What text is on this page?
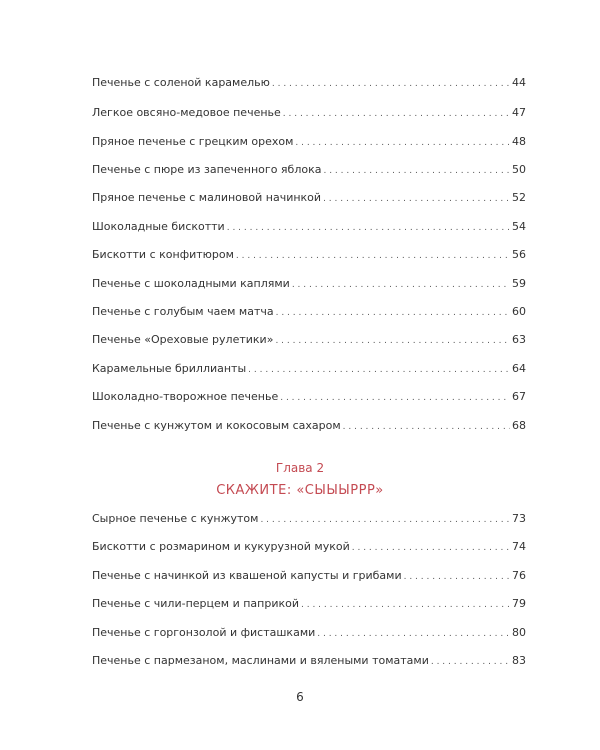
Печенье с соленой карамелью . . .	44
Легкое овсяно-медовое печенье . . .	47
Пряное печенье с грецким орехом . . .	48
Печенье с пюре из запеченного яблока . . .	50
Пряное печенье с малиновой начинкой . . .	52
Шоколадные бискотти . . .	54
Бискотти с конфитюром . . .	56
Печенье с шоколадными каплями . . .	59
Печенье с голубым чаем матча . . .	60
Печенье «Ореховые рулетики» . . .	63
Карамельные бриллианты . . .	64
Шоколадно-творожное печенье . . .	67
Печенье с кунжутом и кокосовым сахаром . . .	68
Сырное печенье с кунжутом . . .	73
Бискотти с розмарином и кукурузной мукой . . .	74
Печенье с начинкой из квашеной капусты и грибами . . .	76
Печенье с чили-перцем и паприкой . . .	79
Печенье с горгонзолой и фисташками . . .	80
Печенье с пармезаном, маслинами и вялеными томатами . . .	83
Глава 2
СКАЖИТЕ: «СЫЫЫРРР»
6
